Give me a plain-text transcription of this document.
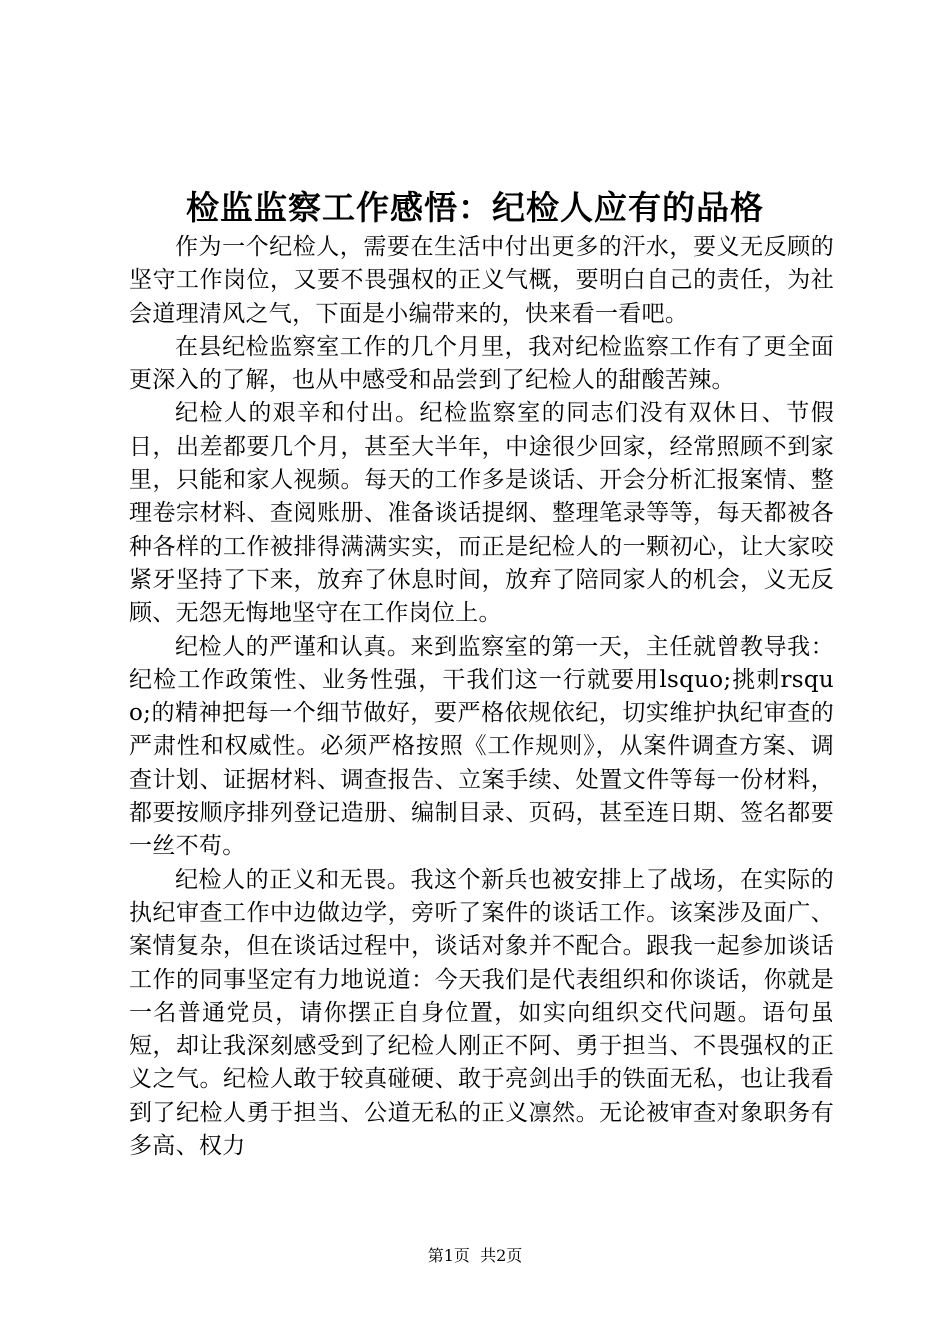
检监监察工作感悟：纪检人应有的品格

作为一个纪检人，需要在生活中付出更多的汗水，要义无反顾的坚守工作岗位，又要不畏强权的正义气概，要明白自己的责任，为社会道理清风之气，下面是小编带来的，快来看一看吧。

在县纪检监察室工作的几个月里，我对纪检监察工作有了更全面更深入的了解，也从中感受和品尝到了纪检人的甜酸苦辣。

纪检人的艰辛和付出。纪检监察室的同志们没有双休日、节假日，出差都要几个月，甚至大半年，中途很少回家，经常照顾不到家里，只能和家人视频。每天的工作多是谈话、开会分析汇报案情、整理卷宗材料、查阅账册、准备谈话提纲、整理笔录等等，每天都被各种各样的工作被排得满满实实，而正是纪检人的一颗初心，让大家咬紧牙坚持了下来，放弃了休息时间，放弃了陪同家人的机会，义无反顾、无怨无悔地坚守在工作岗位上。

纪检人的严谨和认真。来到监察室的第一天，主任就曾教导我：纪检工作政策性、业务性强，干我们这一行就要用lsquo;挑刺rsquo;的精神把每一个细节做好，要严格依规依纪，切实维护执纪审查的严肃性和权威性。必须严格按照《工作规则》，从案件调查方案、调查计划、证据材料、调查报告、立案手续、处置文件等每一份材料，都要按顺序排列登记造册、编制目录、页码，甚至连日期、签名都要一丝不苟。

纪检人的正义和无畏。我这个新兵也被安排上了战场，在实际的执纪审查工作中边做边学，旁听了案件的谈话工作。该案涉及面广、案情复杂，但在谈话过程中，谈话对象并不配合。跟我一起参加谈话工作的同事坚定有力地说道：今天我们是代表组织和你谈话，你就是一名普通党员，请你摆正自身位置，如实向组织交代问题。语句虽短，却让我深刻感受到了纪检人刚正不阿、勇于担当、不畏强权的正义之气。纪检人敢于较真碰硬、敢于亮剑出手的铁面无私，也让我看到了纪检人勇于担当、公道无私的正义凛然。无论被审查对象职务有多高、权力

第1页  共2页
